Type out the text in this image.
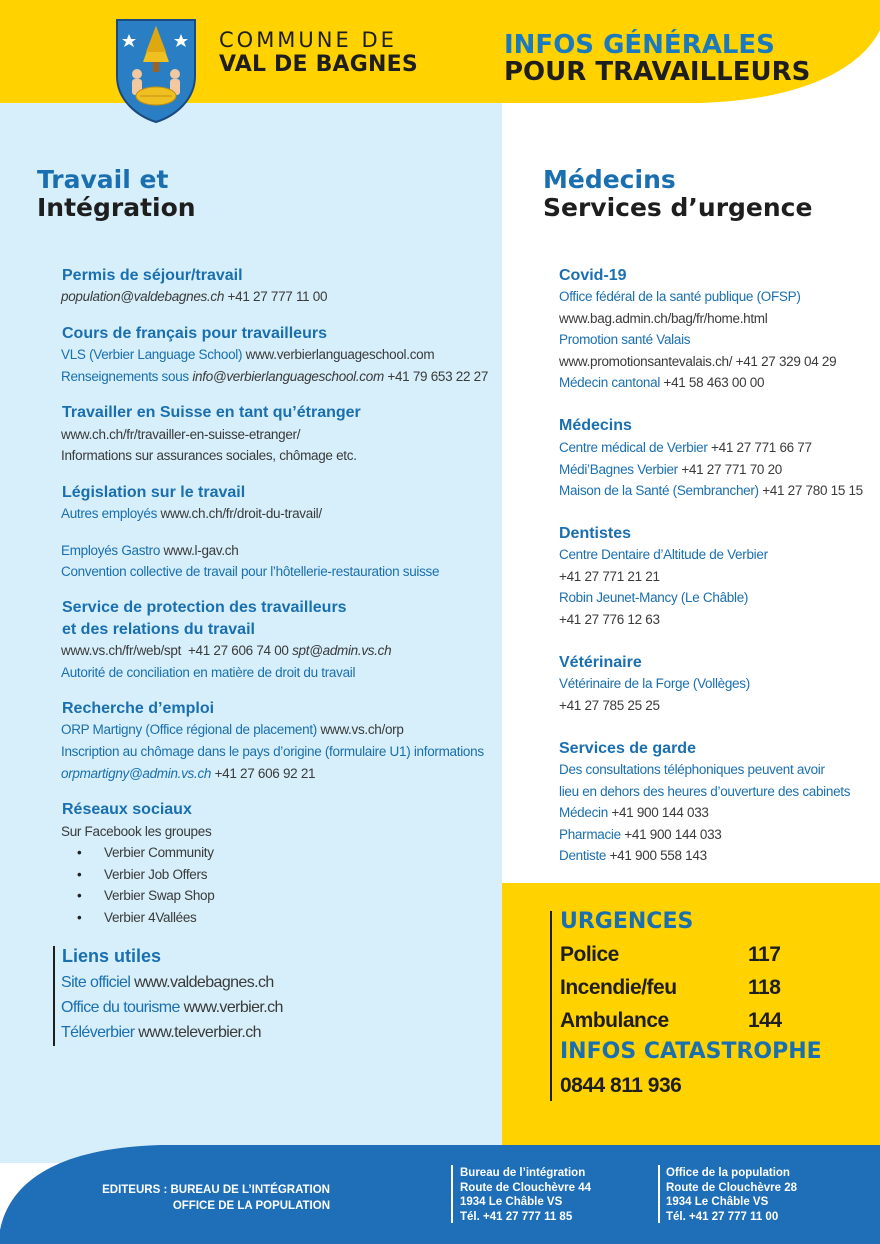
COMMUNE DE
VAL DE BAGNES
INFOS GÉNÉRALES
POUR TRAVAILLEURS
Travail et
Intégration
Permis de séjour/travail
population@valdebagnes.ch +41 27 777 11 00
Cours de français pour travailleurs
VLS (Verbier Language School) www.verbierlanguageschool.com
Renseignements sous info@verbierlanguageschool.com +41 79 653 22 27
Travailler en Suisse en tant qu’étranger
www.ch.ch/fr/travailler-en-suisse-etranger/
Informations sur assurances sociales, chômage etc.
Législation sur le travail
Autres employés www.ch.ch/fr/droit-du-travail/
Employés Gastro www.l-gav.ch
Convention collective de travail pour l’hôtellerie-restauration suisse
Service de protection des travailleurs
et des relations du travail
www.vs.ch/fr/web/spt +41 27 606 74 00 spt@admin.vs.ch
Autorité de conciliation en matière de droit du travail
Recherche d’emploi
ORP Martigny (Office régional de placement) www.vs.ch/orp
Inscription au chômage dans le pays d’origine (formulaire U1) informations
orpmartigny@admin.vs.ch +41 27 606 92 21
Réseaux sociaux
Sur Facebook les groupes
• Verbier Community
• Verbier Job Offers
• Verbier Swap Shop
• Verbier 4Vallées
Liens utiles
Site officiel www.valdebagnes.ch
Office du tourisme www.verbier.ch
Téléverbier www.televerbier.ch
Médecins
Services d’urgence
Covid-19
Office fédéral de la santé publique (OFSP)
www.bag.admin.ch/bag/fr/home.html
Promotion santé Valais
www.promotionsantevalais.ch/ +41 27 329 04 29
Médecin cantonal +41 58 463 00 00
Médecins
Centre médical de Verbier +41 27 771 66 77
Médi’Bagnes Verbier +41 27 771 70 20
Maison de la Santé (Sembrancher) +41 27 780 15 15
Dentistes
Centre Dentaire d’Altitude de Verbier
+41 27 771 21 21
Robin Jeunet-Mancy (Le Châble)
+41 27 776 12 63
Vétérinaire
Vétérinaire de la Forge (Vollèges)
+41 27 785 25 25
Services de garde
Des consultations téléphoniques peuvent avoir
lieu en dehors des heures d’ouverture des cabinets
Médecin +41 900 144 033
Pharmacie +41 900 144 033
Dentiste +41 900 558 143
URGENCES
Police	117
Incendie/feu	118
Ambulance	144
INFOS CATASTROPHE
0844 811 936
EDITEURS : BUREAU DE L’INTÉGRATION
OFFICE DE LA POPULATION
Bureau de l’intégration
Route de Clouchèvre 44
1934 Le Châble VS
Tél. +41 27 777 11 85
Office de la population
Route de Clouchèvre 28
1934 Le Châble VS
Tél. +41 27 777 11 00
